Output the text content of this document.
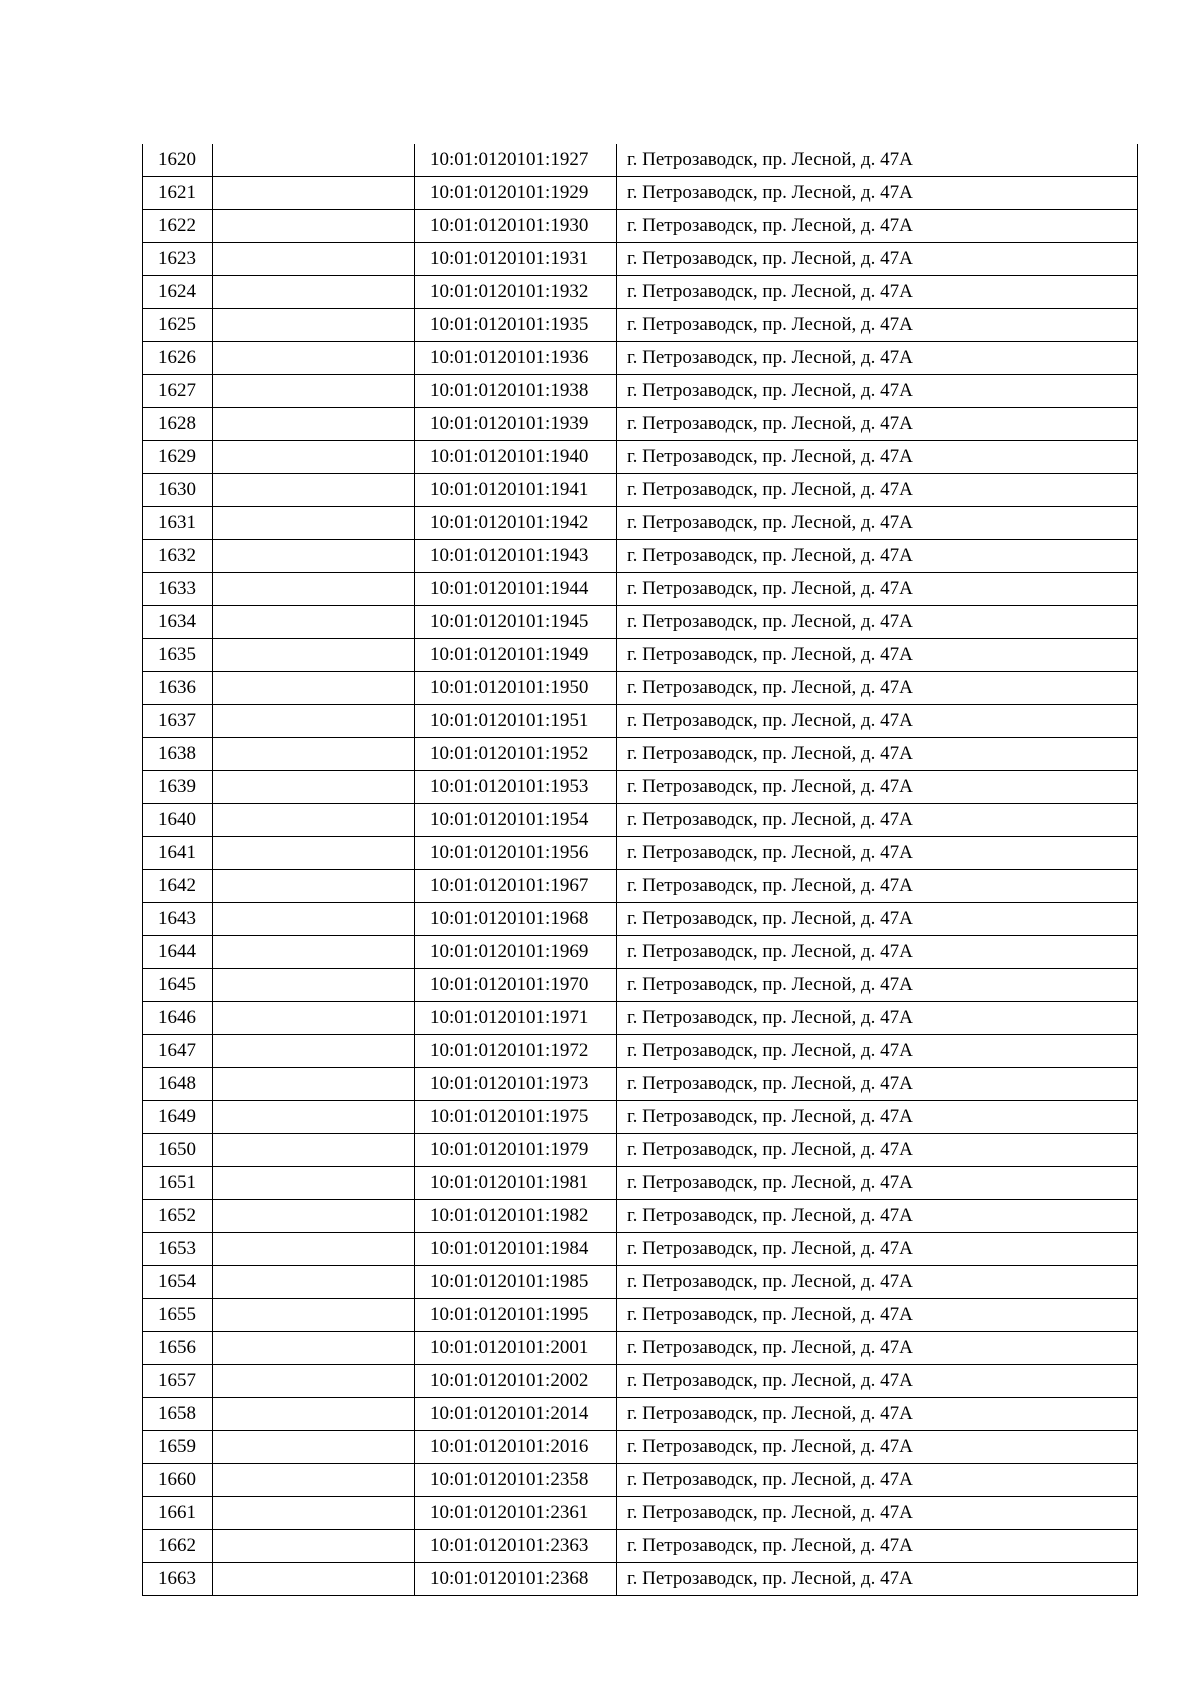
1620		10:01:0120101:1927	г. Петрозаводск, пр. Лесной, д. 47А
1621		10:01:0120101:1929	г. Петрозаводск, пр. Лесной, д. 47А
1622		10:01:0120101:1930	г. Петрозаводск, пр. Лесной, д. 47А
1623		10:01:0120101:1931	г. Петрозаводск, пр. Лесной, д. 47А
1624		10:01:0120101:1932	г. Петрозаводск, пр. Лесной, д. 47А
1625		10:01:0120101:1935	г. Петрозаводск, пр. Лесной, д. 47А
1626		10:01:0120101:1936	г. Петрозаводск, пр. Лесной, д. 47А
1627		10:01:0120101:1938	г. Петрозаводск, пр. Лесной, д. 47А
1628		10:01:0120101:1939	г. Петрозаводск, пр. Лесной, д. 47А
1629		10:01:0120101:1940	г. Петрозаводск, пр. Лесной, д. 47А
1630		10:01:0120101:1941	г. Петрозаводск, пр. Лесной, д. 47А
1631		10:01:0120101:1942	г. Петрозаводск, пр. Лесной, д. 47А
1632		10:01:0120101:1943	г. Петрозаводск, пр. Лесной, д. 47А
1633		10:01:0120101:1944	г. Петрозаводск, пр. Лесной, д. 47А
1634		10:01:0120101:1945	г. Петрозаводск, пр. Лесной, д. 47А
1635		10:01:0120101:1949	г. Петрозаводск, пр. Лесной, д. 47А
1636		10:01:0120101:1950	г. Петрозаводск, пр. Лесной, д. 47А
1637		10:01:0120101:1951	г. Петрозаводск, пр. Лесной, д. 47А
1638		10:01:0120101:1952	г. Петрозаводск, пр. Лесной, д. 47А
1639		10:01:0120101:1953	г. Петрозаводск, пр. Лесной, д. 47А
1640		10:01:0120101:1954	г. Петрозаводск, пр. Лесной, д. 47А
1641		10:01:0120101:1956	г. Петрозаводск, пр. Лесной, д. 47А
1642		10:01:0120101:1967	г. Петрозаводск, пр. Лесной, д. 47А
1643		10:01:0120101:1968	г. Петрозаводск, пр. Лесной, д. 47А
1644		10:01:0120101:1969	г. Петрозаводск, пр. Лесной, д. 47А
1645		10:01:0120101:1970	г. Петрозаводск, пр. Лесной, д. 47А
1646		10:01:0120101:1971	г. Петрозаводск, пр. Лесной, д. 47А
1647		10:01:0120101:1972	г. Петрозаводск, пр. Лесной, д. 47А
1648		10:01:0120101:1973	г. Петрозаводск, пр. Лесной, д. 47А
1649		10:01:0120101:1975	г. Петрозаводск, пр. Лесной, д. 47А
1650		10:01:0120101:1979	г. Петрозаводск, пр. Лесной, д. 47А
1651		10:01:0120101:1981	г. Петрозаводск, пр. Лесной, д. 47А
1652		10:01:0120101:1982	г. Петрозаводск, пр. Лесной, д. 47А
1653		10:01:0120101:1984	г. Петрозаводск, пр. Лесной, д. 47А
1654		10:01:0120101:1985	г. Петрозаводск, пр. Лесной, д. 47А
1655		10:01:0120101:1995	г. Петрозаводск, пр. Лесной, д. 47А
1656		10:01:0120101:2001	г. Петрозаводск, пр. Лесной, д. 47А
1657		10:01:0120101:2002	г. Петрозаводск, пр. Лесной, д. 47А
1658		10:01:0120101:2014	г. Петрозаводск, пр. Лесной, д. 47А
1659		10:01:0120101:2016	г. Петрозаводск, пр. Лесной, д. 47А
1660		10:01:0120101:2358	г. Петрозаводск, пр. Лесной, д. 47А
1661		10:01:0120101:2361	г. Петрозаводск, пр. Лесной, д. 47А
1662		10:01:0120101:2363	г. Петрозаводск, пр. Лесной, д. 47А
1663		10:01:0120101:2368	г. Петрозаводск, пр. Лесной, д. 47А
